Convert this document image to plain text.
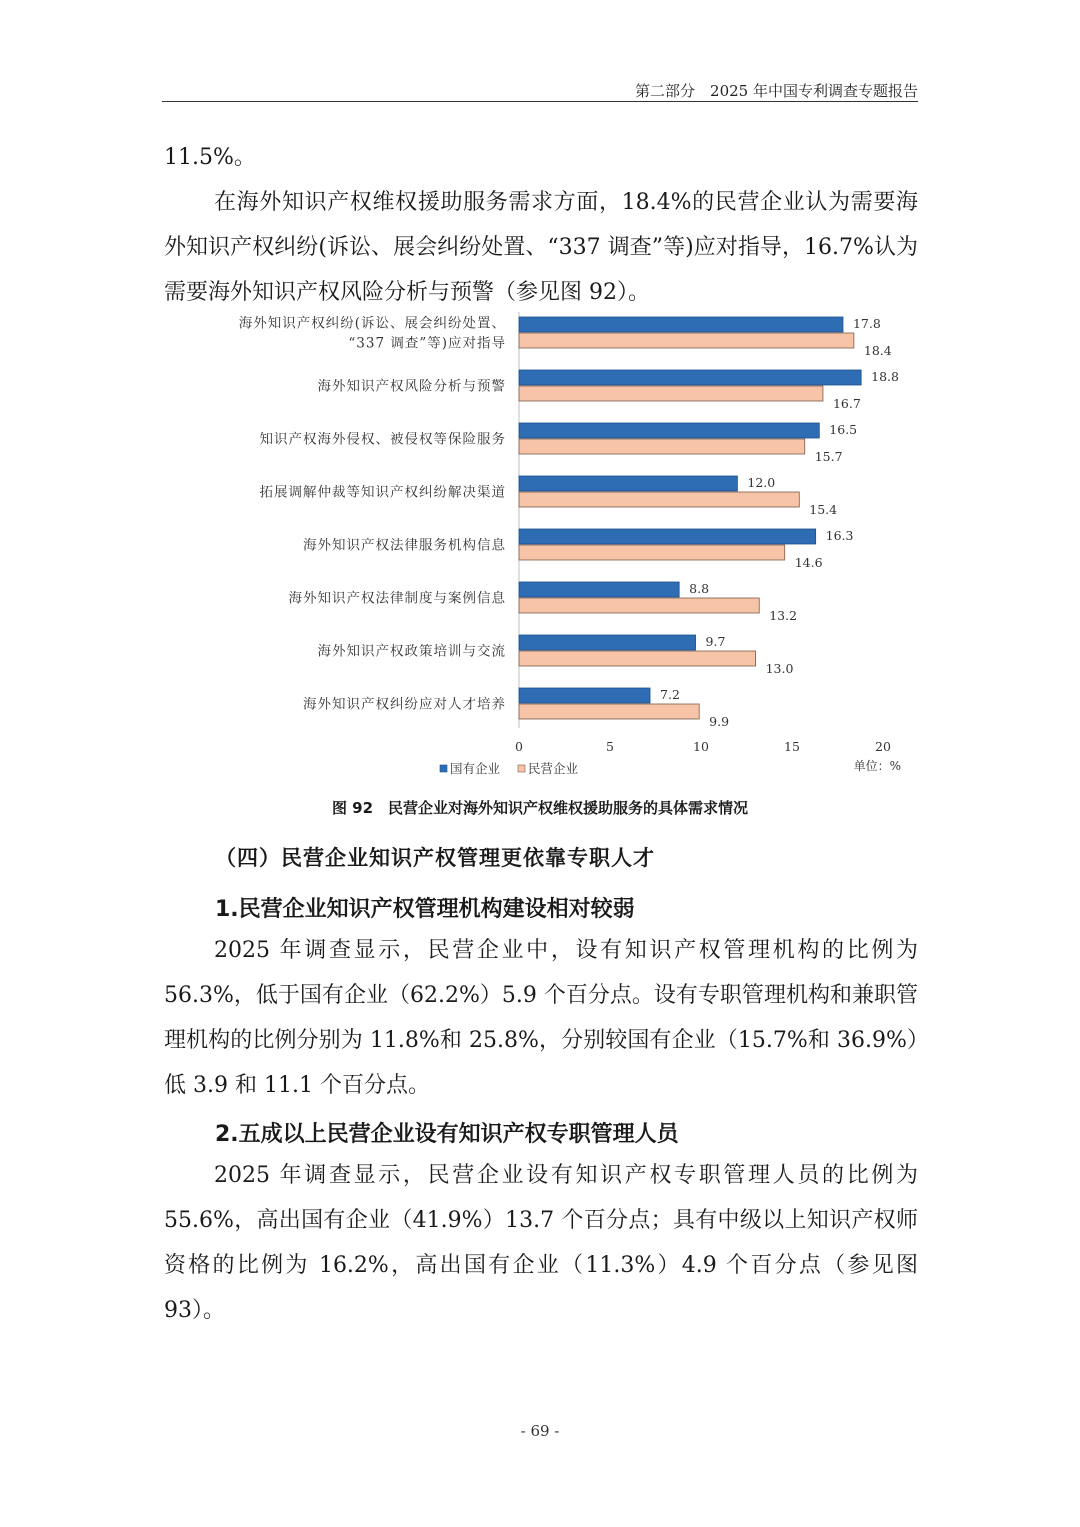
第二部分　2025 年中国专利调查专题报告

11.5%。

在海外知识产权维权援助服务需求方面，18.4%的民营企业认为需要海外知识产权纠纷(诉讼、展会纠纷处置、“337 调查”等)应对指导，16.7%认为需要海外知识产权风险分析与预警（参见图 92）。

海外知识产权纠纷(诉讼、展会纠纷处置、
“337 调查”等)应对指导
17.8
18.4
海外知识产权风险分析与预警
18.8
16.7
知识产权海外侵权、被侵权等保险服务
16.5
15.7
拓展调解仲裁等知识产权纠纷解决渠道
12.0
15.4
海外知识产权法律服务机构信息
16.3
14.6
海外知识产权法律制度与案例信息
8.8
13.2
海外知识产权政策培训与交流
9.7
13.0
海外知识产权纠纷应对人才培养
7.2
9.9
0	5	10	15	20
国有企业 民营企业	单位：%
图 92　民营企业对海外知识产权维权援助服务的具体需求情况
（四）民营企业知识产权管理更依靠专职人才
1.民营企业知识产权管理机构建设相对较弱

2025 年调查显示，民营企业中，设有知识产权管理机构的比例为 56.3%，低于国有企业（62.2%）5.9 个百分点。设有专职管理机构和兼职管理机构的比例分别为 11.8%和 25.8%，分别较国有企业（15.7%和 36.9%）低 3.9 和 11.1 个百分点。

2.五成以上民营企业设有知识产权专职管理人员

2025 年调查显示，民营企业设有知识产权专职管理人员的比例为 55.6%，高出国有企业（41.9%）13.7 个百分点；具有中级以上知识产权师资格的比例为 16.2%，高出国有企业（11.3%）4.9 个百分点（参见图 93）。

- 69 -
